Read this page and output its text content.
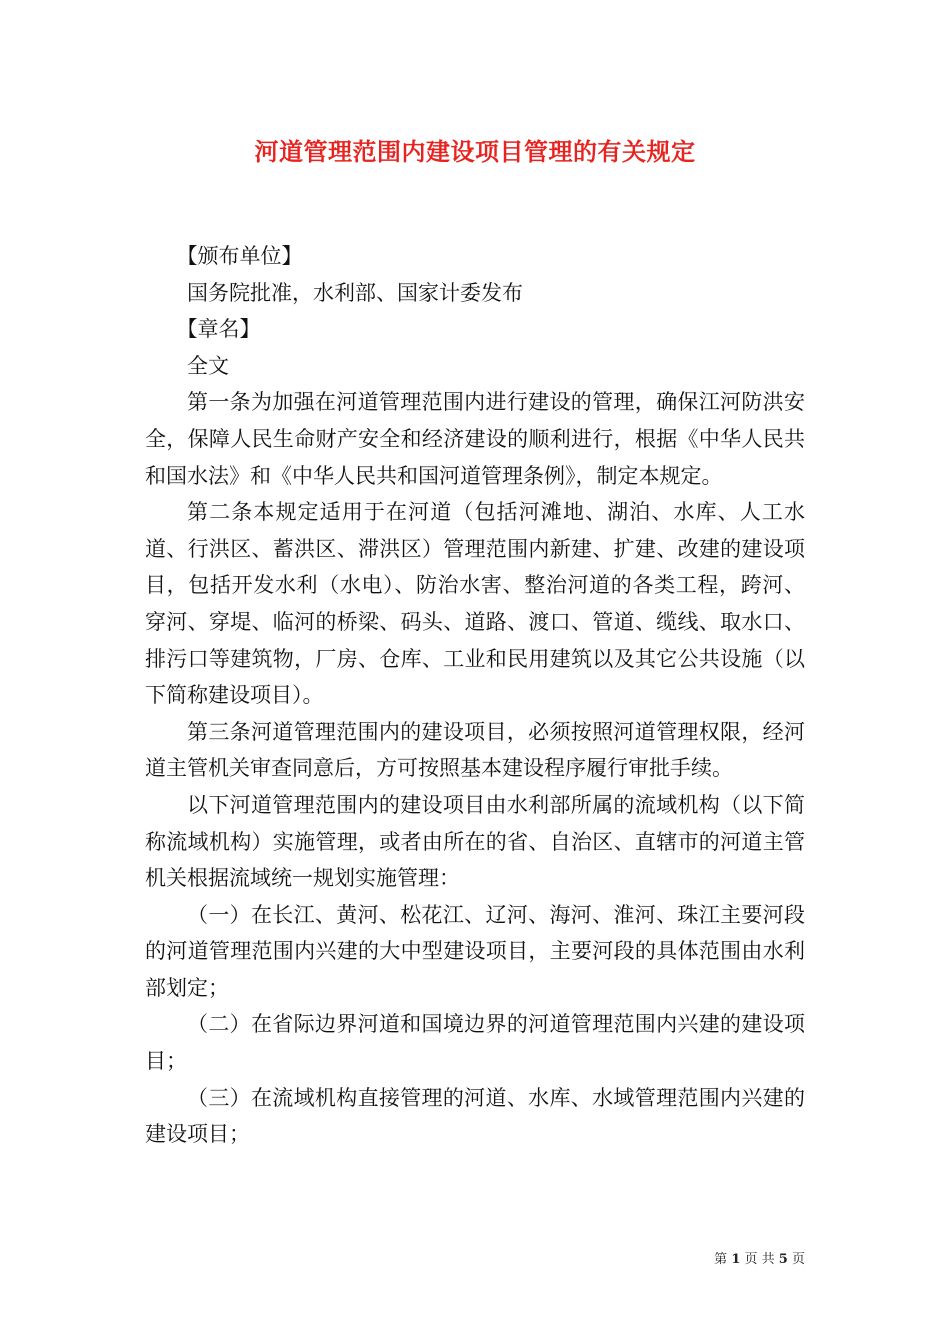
河道管理范围内建设项目管理的有关规定

【颁布单位】

国务院批准，水利部、国家计委发布

【章名】

全文

第一条为加强在河道管理范围内进行建设的管理，确保江河防洪安全，保障人民生命财产安全和经济建设的顺利进行，根据《中华人民共和国水法》和《中华人民共和国河道管理条例》，制定本规定。

第二条本规定适用于在河道（包括河滩地、湖泊、水库、人工水道、行洪区、蓄洪区、滞洪区）管理范围内新建、扩建、改建的建设项目，包括开发水利（水电）、防治水害、整治河道的各类工程，跨河、穿河、穿堤、临河的桥梁、码头、道路、渡口、管道、缆线、取水口、排污口等建筑物，厂房、仓库、工业和民用建筑以及其它公共设施（以下简称建设项目）。

第三条河道管理范围内的建设项目，必须按照河道管理权限，经河道主管机关审查同意后，方可按照基本建设程序履行审批手续。

以下河道管理范围内的建设项目由水利部所属的流域机构（以下简称流域机构）实施管理，或者由所在的省、自治区、直辖市的河道主管机关根据流域统一规划实施管理：

（一）在长江、黄河、松花江、辽河、海河、淮河、珠江主要河段的河道管理范围内兴建的大中型建设项目，主要河段的具体范围由水利部划定；

（二）在省际边界河道和国境边界的河道管理范围内兴建的建设项目；

（三）在流域机构直接管理的河道、水库、水域管理范围内兴建的建设项目；

第 1 页 共 5 页
